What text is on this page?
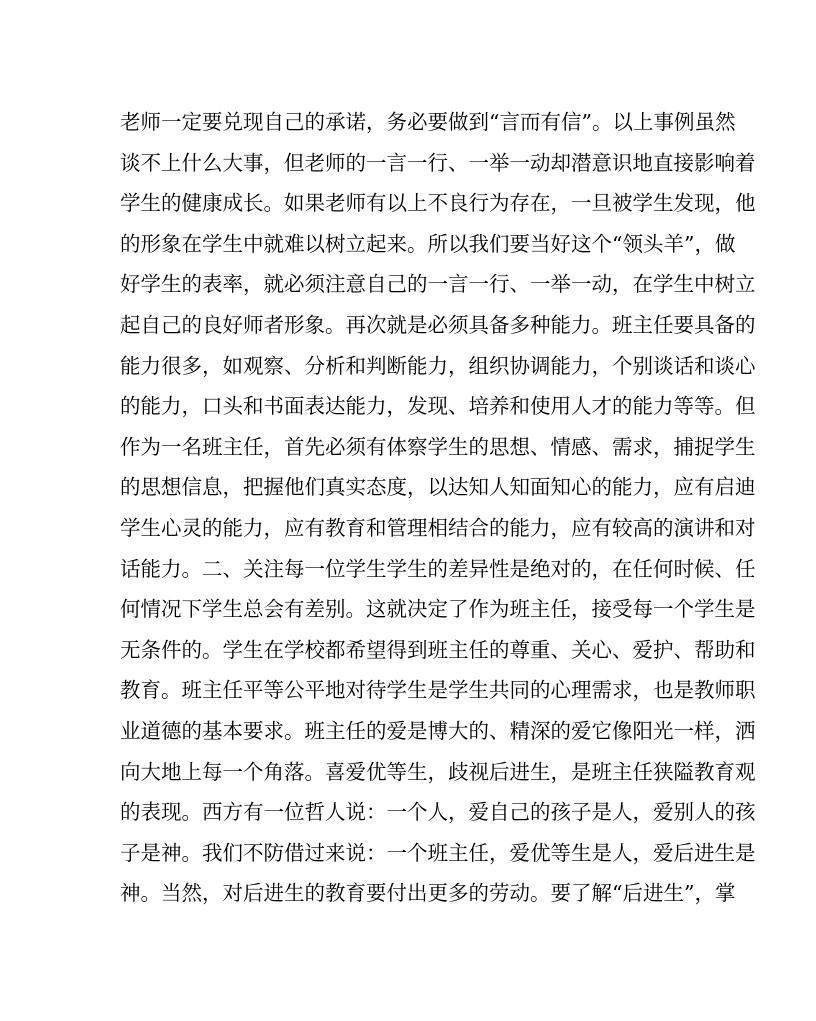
老师一定要兑现自己的承诺，务必要做到“言而有信”。以上事例虽然
谈不上什么大事，但老师的一言一行、一举一动却潜意识地直接影响着
学生的健康成长。如果老师有以上不良行为存在，一旦被学生发现，他
的形象在学生中就难以树立起来。所以我们要当好这个“领头羊”，做
好学生的表率，就必须注意自己的一言一行、一举一动，在学生中树立
起自己的良好师者形象。再次就是必须具备多种能力。班主任要具备的
能力很多，如观察、分析和判断能力，组织协调能力，个别谈话和谈心
的能力，口头和书面表达能力，发现、培养和使用人才的能力等等。但
作为一名班主任，首先必须有体察学生的思想、情感、需求，捕捉学生
的思想信息，把握他们真实态度，以达知人知面知心的能力，应有启迪
学生心灵的能力，应有教育和管理相结合的能力，应有较高的演讲和对
话能力。二、关注每一位学生学生的差异性是绝对的，在任何时候、任
何情况下学生总会有差别。这就决定了作为班主任，接受每一个学生是
无条件的。学生在学校都希望得到班主任的尊重、关心、爱护、帮助和
教育。班主任平等公平地对待学生是学生共同的心理需求，也是教师职
业道德的基本要求。班主任的爱是博大的、精深的爱它像阳光一样，洒
向大地上每一个角落。喜爱优等生，歧视后进生，是班主任狭隘教育观
的表现。西方有一位哲人说：一个人，爱自己的孩子是人，爱别人的孩
子是神。我们不防借过来说：一个班主任，爱优等生是人，爱后进生是
神。当然，对后进生的教育要付出更多的劳动。要了解“后进生”，掌
